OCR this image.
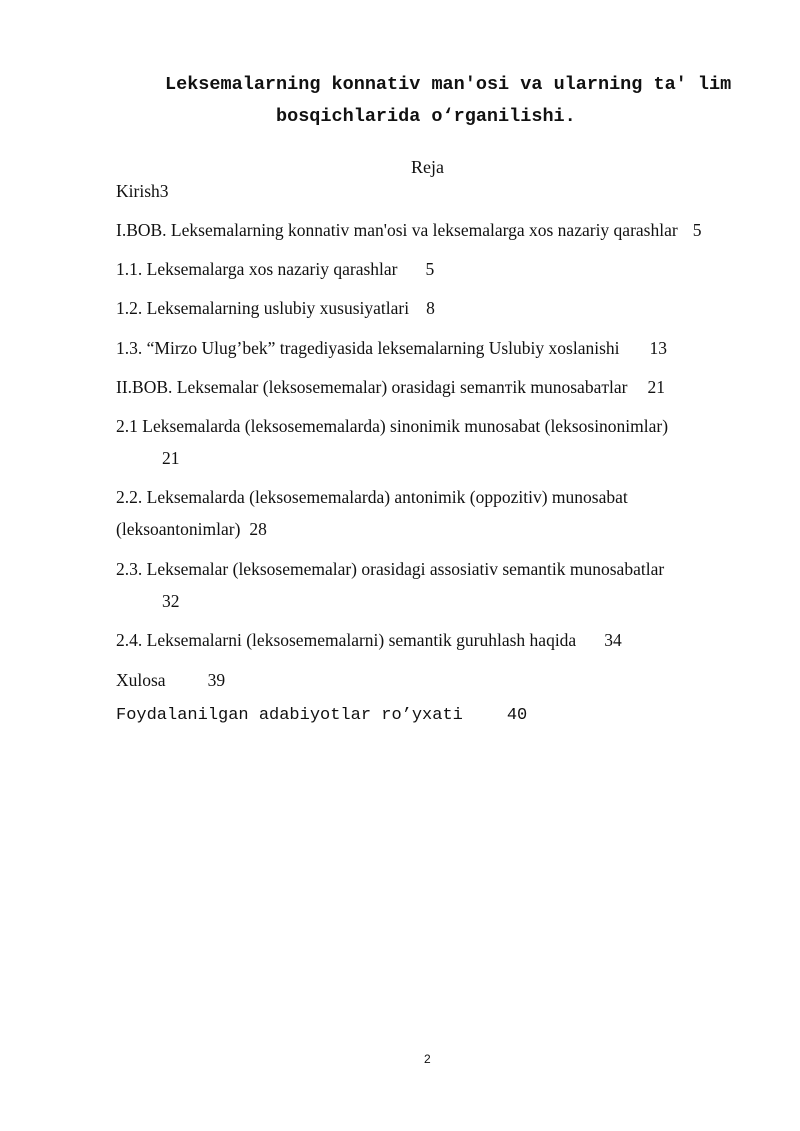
Leksemalarning konnativ man'osi va ularning ta' lim
bosqichlarida o‘rganilishi.
Reja
Kirish3
I.BOB. Leksemalarning konnativ man'osi va leksemalarga xos nazariy qarashlar 5
1.1. Leksemalarga xos nazariy qarashlar 5
1.2. Leksemalarning uslubiy xususiyatlari 8
1.3. “Mirzo Ulug’bek” tragediyasida leksemalarning Uslubiy xoslanishi 13
II.BOB. Leksemalar (leksosememalar) orasidagi semanтik munosabaтlar 21
2.1 Leksemalarda (leksosememalarda) sinonimik munosabat (leksosinonimlar)
21
2.2. Leksemalarda (leksosememalarda) antonimik (oppozitiv) munosabat
(leksoantonimlar) 28
2.3. Leksemalar (leksosememalar) orasidagi assosiativ semantik munosabatlar
32
2.4. Leksemalarni (leksosememalarni) semantik guruhlash haqida 34
Xulosa 39
Foydalanilgan adabiyotlar ro’yxati	40
2
